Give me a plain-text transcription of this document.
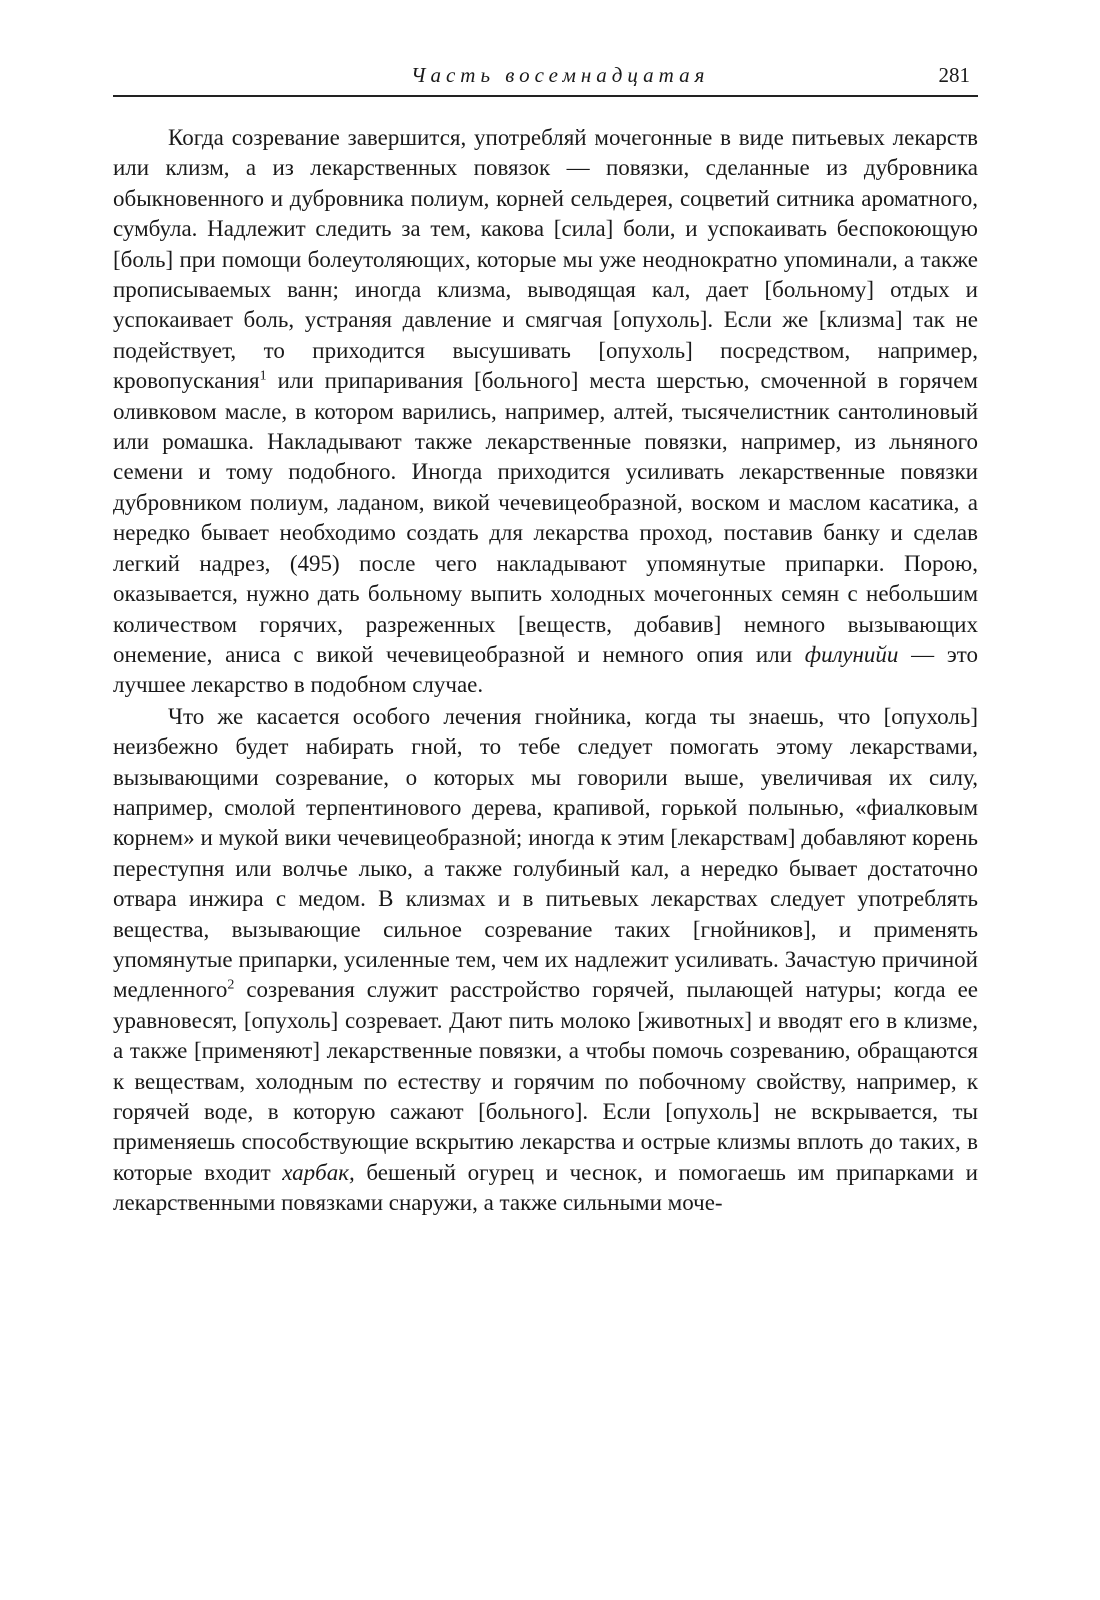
Часть восемнадцатая	281

Когда созревание завершится, употребляй мочегонные в виде питьевых лекарств или клизм, а из лекарственных повязок — повязки, сделанные из дубровника обыкновенного и дубровника полиум, корней сельдерея, соцветий ситника ароматного, сумбула. Надлежит следить за тем, какова [сила] боли, и успокаивать беспокоющую [боль] при помощи болеутоляющих, которые мы уже неоднократно упоминали, а также прописываемых ванн; иногда клизма, выводящая кал, дает [больному] отдых и успокаивает боль, устраняя давление и смягчая [опухоль]. Если же [клизма] так не подействует, то приходится высушивать [опухоль] посредством, например, кровопускания$^1$ или припаривания [больного] места шерстью, смоченной в горячем оливковом масле, в котором варились, например, алтей, тысячелистник сантолиновый или ромашка. Накладывают также лекарственные повязки, например, из льняного семени и тому подобного. Иногда приходится усиливать лекарственные повязки дубровником полиум, ладаном, викой чечевицеобразной, воском и маслом касатика, а нередко бывает необходимо создать для лекарства проход, поставив банку и сделав легкий надрез, (495) после чего накладывают упомянутые припарки. Порою, оказывается, нужно дать больному выпить холодных мочегонных семян с небольшим количеством горячих, разреженных [веществ, добавив] немного вызывающих онемение, аниса с викой чечевицеобразной и немного опия или филунийи — это лучшее лекарство в подобном случае.

Что же касается особого лечения гнойника, когда ты знаешь, что [опухоль] неизбежно будет набирать гной, то тебе следует помогать этому лекарствами, вызывающими созревание, о которых мы говорили выше, увеличивая их силу, например, смолой терпентинового дерева, крапивой, горькой полынью, «фиалковым корнем» и мукой вики чечевицеобразной; иногда к этим [лекарствам] добавляют корень переступня или волчье лыко, а также голубиный кал, а нередко бывает достаточно отвара инжира с медом. В клизмах и в питьевых лекарствах следует употреблять вещества, вызывающие сильное созревание таких [гнойников], и применять упомянутые припарки, усиленные тем, чем их надлежит усиливать. Зачастую причиной медленного$^2$ созревания служит расстройство горячей, пылающей натуры; когда ее уравновесят, [опухоль] созревает. Дают пить молоко [животных] и вводят его в клизме, а также [применяют] лекарственные повязки, а чтобы помочь созреванию, обращаются к веществам, холодным по естеству и горячим по побочному свойству, например, к горячей воде, в которую сажают [больного]. Если [опухоль] не вскрывается, ты применяешь способствующие вскрытию лекарства и острые клизмы вплоть до таких, в которые входит харбак, бешеный огурец и чеснок, и помогаешь им припарками и лекарственными повязками снаружи, а также сильными моче-
